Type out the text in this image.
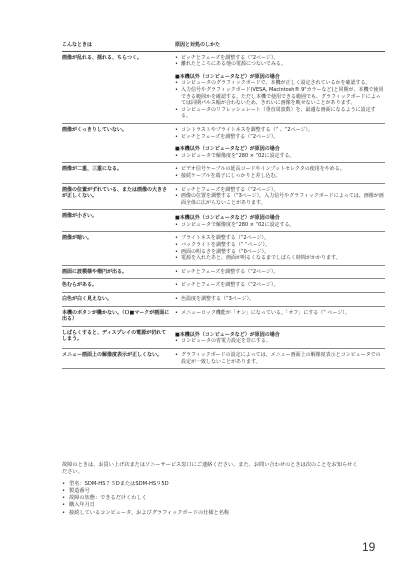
こんなときは	原因と対処のしかた
画像が乱れる、揺れる、ちらつく。	• ピッチとフェーズを調整する（“2ページ）。
• 離れたところにある他の電源につないでみる。
■本機以外（コンピュータなど）が原因の場合
• コンピュータのグラフィックボードで、本機が正しく設定されているかを確認する。
• 入力信号やグラフィックボード(VESA, Macintosh® 9"カラーなど)と同期が、本機で使用できる範囲かを確認する。ただし本機で使用できる範囲でも、グラフィックボードによっては同期パルス幅が合わないため、きれいに画像を映せないことがあります。
• コンピュータのリフレッシュレート（垂直周波数）を、最適な画面になるように設定する。
画像がくっきりしていない。	• コントラストやブライトネスを調整する（“ 、“2ページ）。
• ピッチとフェーズを調整する（“2ページ）。
■本機以外（コンピュータなど）が原因の場合
• コンピュータで解像度を“280 × “02に設定する。
画像が二重、三重になる。	• ビデオ信号ケーブルの延長コードやインプットセレクタの使用をやめる。
• 接続ケーブルを端子にしっかりと差し込む。
画像の位置がずれている、または画像の大きさが正しくない。
• ピッチとフェーズを調整する（“2ページ）。
• 画像の位置を調整する（“3ページ）。入力信号やグラフィックボードによっては、画像が画面全体に広がらないことがあります。
画像が小さい。	■本機以外（コンピュータなど）が原因の場合
• コンピュータで解像度を“280 × “02に設定する。
画像が暗い。	• ブライトネスを調整する（“2ページ）。
• バックライトを調整する（“ “ページ）。
• 画面の明るさを調整する（“0ページ）。
• 電源を入れたあと、画面が明るくなるまでしばらく時間がかかります。
画面に波模様や楕円が出る。	• ピッチとフェーズを調整する（“2ページ）。
色むらがある。	• ピッチとフェーズを調整する（“2ページ）。
白色が白く見えない。	• 色温度を調整する（“3ページ）。
本機のボタンが働かない。（Ｏ■マークが画面に出る）
• メニューロック機能が「オン」になっている。「オフ」にする（“ ページ）。
しばらくすると、ディスプレイの電源が切れてしまう。
■本機以外（コンピュータなど）が原因の場合
• コンピュータの省電力設定を非にする。
メニュー画面上の解像度表示が正しくない。	• グラフィックボードの設定によっては、メニュー画面上の解像度表示とコンピュータでの設定が一致しないことがあります。
故障のときは、お買い上げ店またはソニーサービス窓口にご連絡ください。また、お問い合わせのときは次のことをお知らせください。
• 型名：SDM-HS７５DまたはSDM-HS９5D
• 製造番号
• 故障の状態：できるだけくわしく
• 購入年月日
• 接続しているコンピュータ、およびグラフィックボードの仕様と名称
19
